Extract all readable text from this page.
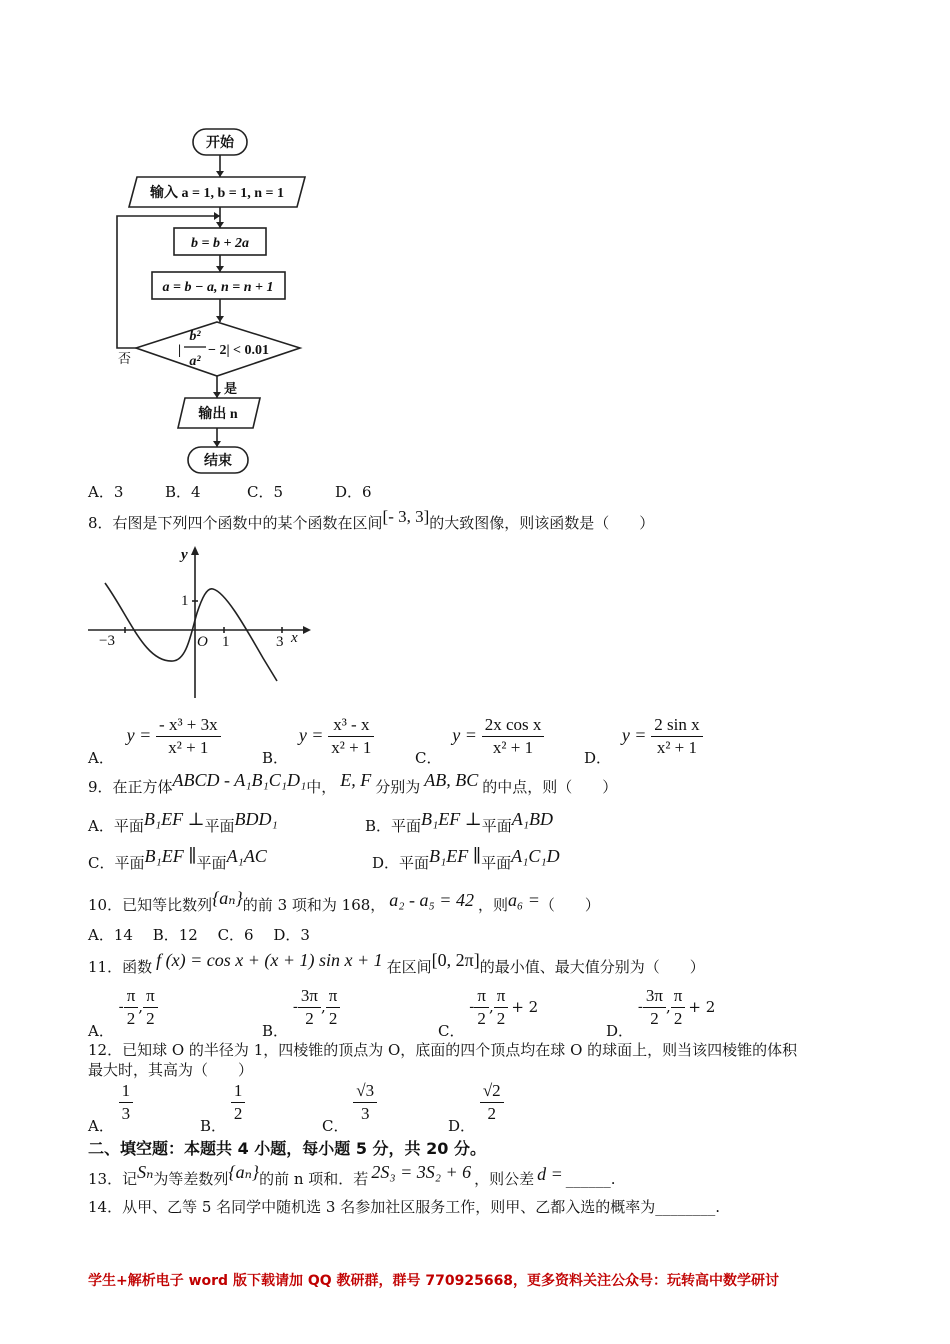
开始
输入 a = 1, b = 1, n = 1
b = b + 2a
a = b − a, n = n + 1
|
b²
a²
− 2| < 0.01
否
是
输出 n
结束
A．3	B．4	C．5	D．6
8．右图是下列四个函数中的某个函数在区间[- 3, 3]的大致图像，则该函数是（　　）
y
x
1
−3	O 1	3
A． $y = \frac{\text{- x³ + 3x}}{\text{x² + 1}}$	B． $y = \frac{\text{x³ - x}}{\text{x² + 1}}$	C． $y = \frac{\text{2x cos x}}{\text{x² + 1}}$	D． $y = \frac{\text{2 sin x}}{\text{x² + 1}}$
9．在正方体ABCD - A₁B₁C₁D₁中， E, F 分别为 AB, BC 的中点，则（　　）
A．平面B₁EF ⊥平面BDD₁	B．平面B₁EF ⊥平面A₁BD
C．平面B₁EF ∥平面A₁AC	D．平面B₁EF ∥平面A₁C₁D
10．已知等比数列{aₙ}的前 3 项和为 168， a₂ - a₅ = 42 ，则a₆ =（　　）
A．14　 B．12　 C．6　 D．3
11．函数 f (x) = cos x + (x + 1) sin x + 1 在区间[0, 2π]的最小值、最大值分别为（　　）
A． - $\frac{\pi}{2}$ , $\frac{\pi}{2}$
B． - $\frac{3\pi}{2}$ , $\frac{\pi}{2}$
C． - $\frac{\pi}{2}$ , $\frac{\pi}{2} + 2$
D． - $\frac{3\pi}{2}$ , $\frac{\pi}{2} + 2$
12．已知球 O 的半径为 1，四棱锥的顶点为 O，底面的四个顶点均在球 O 的球面上，则当该四棱锥的体积
最大时，其高为（　　）
A．
$\frac{1}{3}$
B．
$\frac{1}{2}$
C．
$\frac{√3}{3}$
D．
$\frac{√2}{2}$
二、填空题：本题共 4 小题，每小题 5 分，共 20 分。
13．记Sₙ为等差数列{aₙ}的前 n 项和．若 2S₃ = 3S₂ + 6 ，则公差 d = ______.
14．从甲、乙等 5 名同学中随机选 3 名参加社区服务工作，则甲、乙都入选的概率为________.
学生+解析电子 word 版下载请加 QQ 教研群，群号 770925668，更多资料关注公众号：玩转高中数学研讨
